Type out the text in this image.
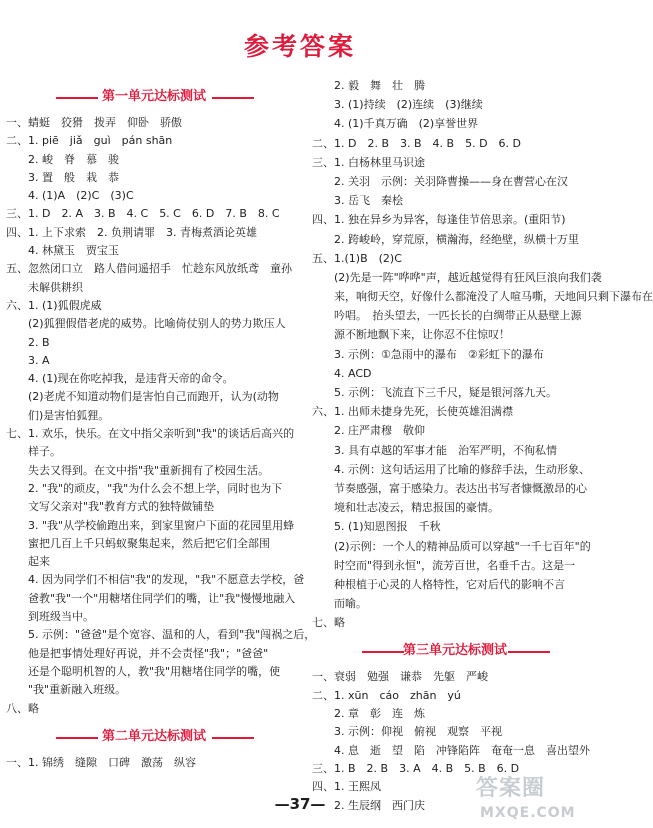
参考答案
第一单元达标测试
一、蜻蜓　狡猾　拨弄　仰卧　骄傲
二、1. piē　jiǎ　guì　pán shān
　　2. 峻　脊　慕　骏
　　3. 置　般　栽　恭
　　4. (1)A　(2)C　(3)C
三、1. D　2. A　3. B　4. C　5. C　6. D　7. B　8. C
四、1. 上下求索　2. 负荆请罪　3. 青梅煮酒论英雄
　　4. 林黛玉　贾宝玉
五、忽然闭口立　路人借问遥招手　忙趁东风放纸鸢　童孙
　　未解供耕织
六、1. (1)狐假虎威
　　(2)狐狸假借老虎的威势。比喻倚仗别人的势力欺压人
　　2. B
　　3. A
　　4. (1)现在你吃掉我，是违背天帝的命令。
　　(2)老虎不知道动物们是害怕自己而跑开，认为(动物
　　们)是害怕狐狸。
七、1. 欢乐，快乐。在文中指父亲听到"我"的谈话后高兴的
　　样子。
　　失去又得到。在文中指"我"重新拥有了校园生活。
　　2. "我"的顽皮，"我"为什么会不想上学，同时也为下
　　文写父亲对"我"教育方式的独特做铺垫
　　3. "我"从学校偷跑出来，到家里窗户下面的花园里用蜂
　　蜜把几百上千只蚂蚁聚集起来，然后把它们全部围
　　起来
　　4. 因为同学们不相信"我"的发现，"我"不愿意去学校，爸
　　爸教"我"一个"用糖堵住同学们的嘴，让"我"慢慢地融入
　　到班级当中。
　　5. 示例："爸爸"是个宽容、温和的人，看到"我"闯祸之后，
　　他是把事情处理好再说，并不会责怪"我"；"爸爸"
　　还是个聪明机智的人，教"我"用糖堵住同学的嘴，使
　　"我"重新融入班级。
八、略
第二单元达标测试
一、1. 锦绣　缝隙　口碑　激荡　纵容
　　2. 毅　舞　壮　腾
　　3. (1)持续　(2)连续　(3)继续
　　4. (1)千真万确　(2)享誉世界
二、1. D　2. B　3. B　4. B　5. D　6. D
三、1. 白杨林里马识途
　　2. 关羽　示例：关羽降曹操——身在曹营心在汉
　　3. 岳飞　秦桧
四、1. 独在异乡为异客，每逢佳节倍思亲。(重阳节)
　　2. 跨峻岭，穿荒原，横瀚海，经绝壁，纵横十万里
五、1.(1)B　(2)C
　　(2)先是一阵"哗哗"声，越近越觉得有狂风巨浪向我们袭
　　来，响彻天空，好像什么都淹没了人喧马嘶，天地间只剩下瀑布在
　　吟唱。　抬头望去，一匹长长的白绸带正从悬壁上源
　　源不断地飘下来，让你忍不住惊叹！
　　3. 示例：①急雨中的瀑布　②彩虹下的瀑布
　　4. ACD
　　5. 示例：飞流直下三千尺，疑是银河落九天。
六、1. 出师未捷身先死，长使英雄泪满襟
　　2. 庄严肃穆　敬仰
　　3. 具有卓越的军事才能　治军严明，不徇私情
　　4. 示例：这句话运用了比喻的修辞手法，生动形象、
　　节奏感强，富于感染力。表达出书写者慷慨激昂的心
　　境和壮志凌云，精忠报国的豪情。
　　5. (1)知恩图报　千秋
　　(2)示例：一个人的精神品质可以穿越"一千七百年"的
　　时空而"得到永恒"，流芳百世，名垂千古。这是一
　　种根植于心灵的人格特性，它对后代的影响不言
　　而喻。
七、略
第三单元达标测试
一、衰弱　勉强　谦恭　先躯　严峻
二、1. xūn　cáo　zhān　yú
　　2. 章　彰　连　炼
　　3. 示例：仰视　俯视　观察　平视
　　4. 息　逝　望　陷　冲锋陷阵　奄奄一息　喜出望外
三、1. B　2. B　3. A　4. B　5. B　6. D
四、1. 王熙凤
　　2. 生辰纲　西门庆
—37—
答案圈
MXQE.COM
